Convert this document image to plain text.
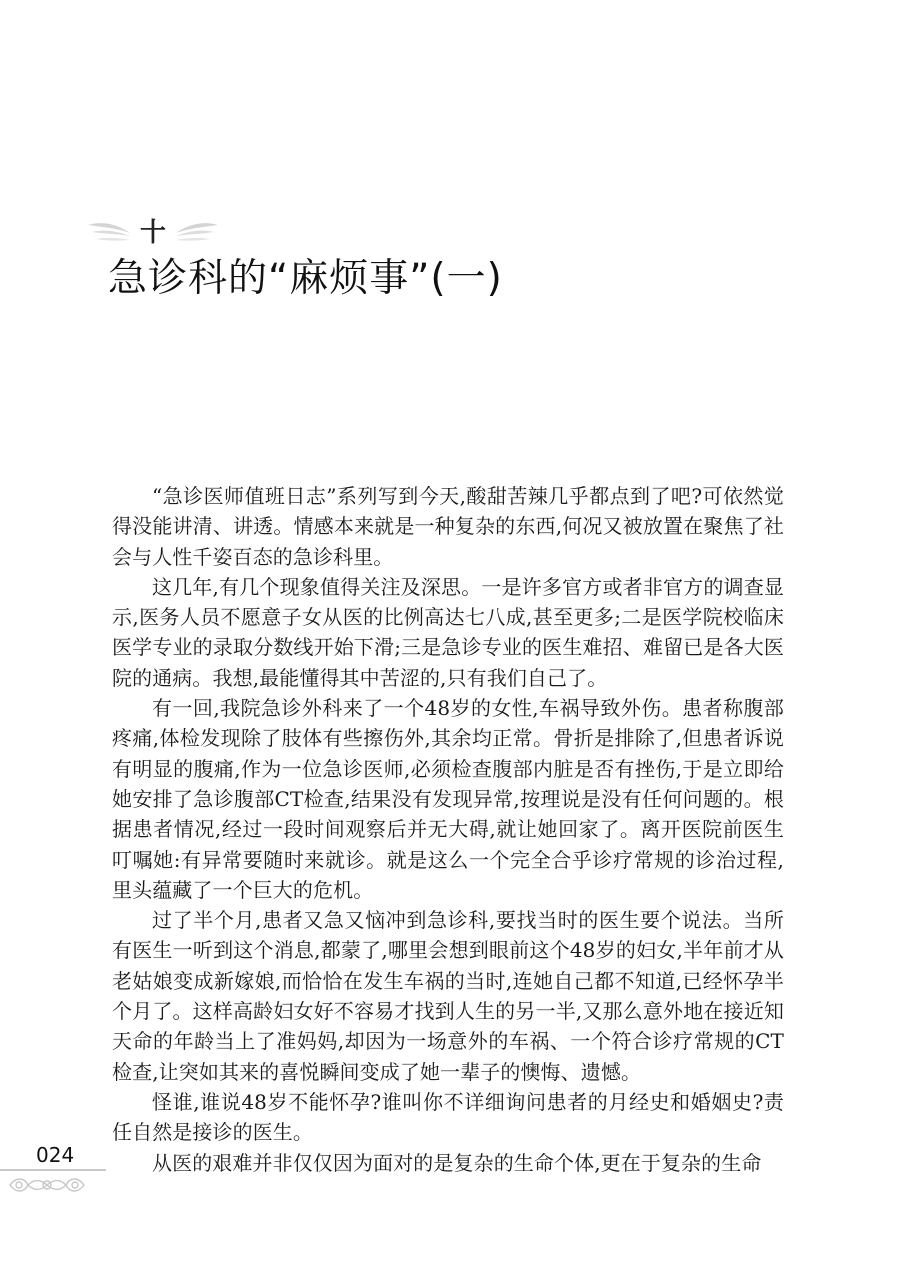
十
急诊科的“麻烦事”(一)

“急诊医师值班日志”系列写到今天,酸甜苦辣几乎都点到了吧?可依然觉得没能讲清、讲透。情感本来就是一种复杂的东西,何况又被放置在聚焦了社会与人性千姿百态的急诊科里。

这几年,有几个现象值得关注及深思。一是许多官方或者非官方的调查显示,医务人员不愿意子女从医的比例高达七八成,甚至更多;二是医学院校临床医学专业的录取分数线开始下滑;三是急诊专业的医生难招、难留已是各大医院的通病。我想,最能懂得其中苦涩的,只有我们自己了。

有一回,我院急诊外科来了一个48岁的女性,车祸导致外伤。患者称腹部疼痛,体检发现除了肢体有些擦伤外,其余均正常。骨折是排除了,但患者诉说有明显的腹痛,作为一位急诊医师,必须检查腹部内脏是否有挫伤,于是立即给她安排了急诊腹部CT检查,结果没有发现异常,按理说是没有任何问题的。根据患者情况,经过一段时间观察后并无大碍,就让她回家了。离开医院前医生叮嘱她:有异常要随时来就诊。就是这么一个完全合乎诊疗常规的诊治过程,里头蕴藏了一个巨大的危机。

过了半个月,患者又急又恼冲到急诊科,要找当时的医生要个说法。当所有医生一听到这个消息,都蒙了,哪里会想到眼前这个48岁的妇女,半年前才从老姑娘变成新嫁娘,而恰恰在发生车祸的当时,连她自己都不知道,已经怀孕半个月了。这样高龄妇女好不容易才找到人生的另一半,又那么意外地在接近知天命的年龄当上了准妈妈,却因为一场意外的车祸、一个符合诊疗常规的CT检查,让突如其来的喜悦瞬间变成了她一辈子的懊悔、遗憾。

怪谁,谁说48岁不能怀孕?谁叫你不详细询问患者的月经史和婚姻史?责任自然是接诊的医生。

从医的艰难并非仅仅因为面对的是复杂的生命个体,更在于复杂的生命

024
